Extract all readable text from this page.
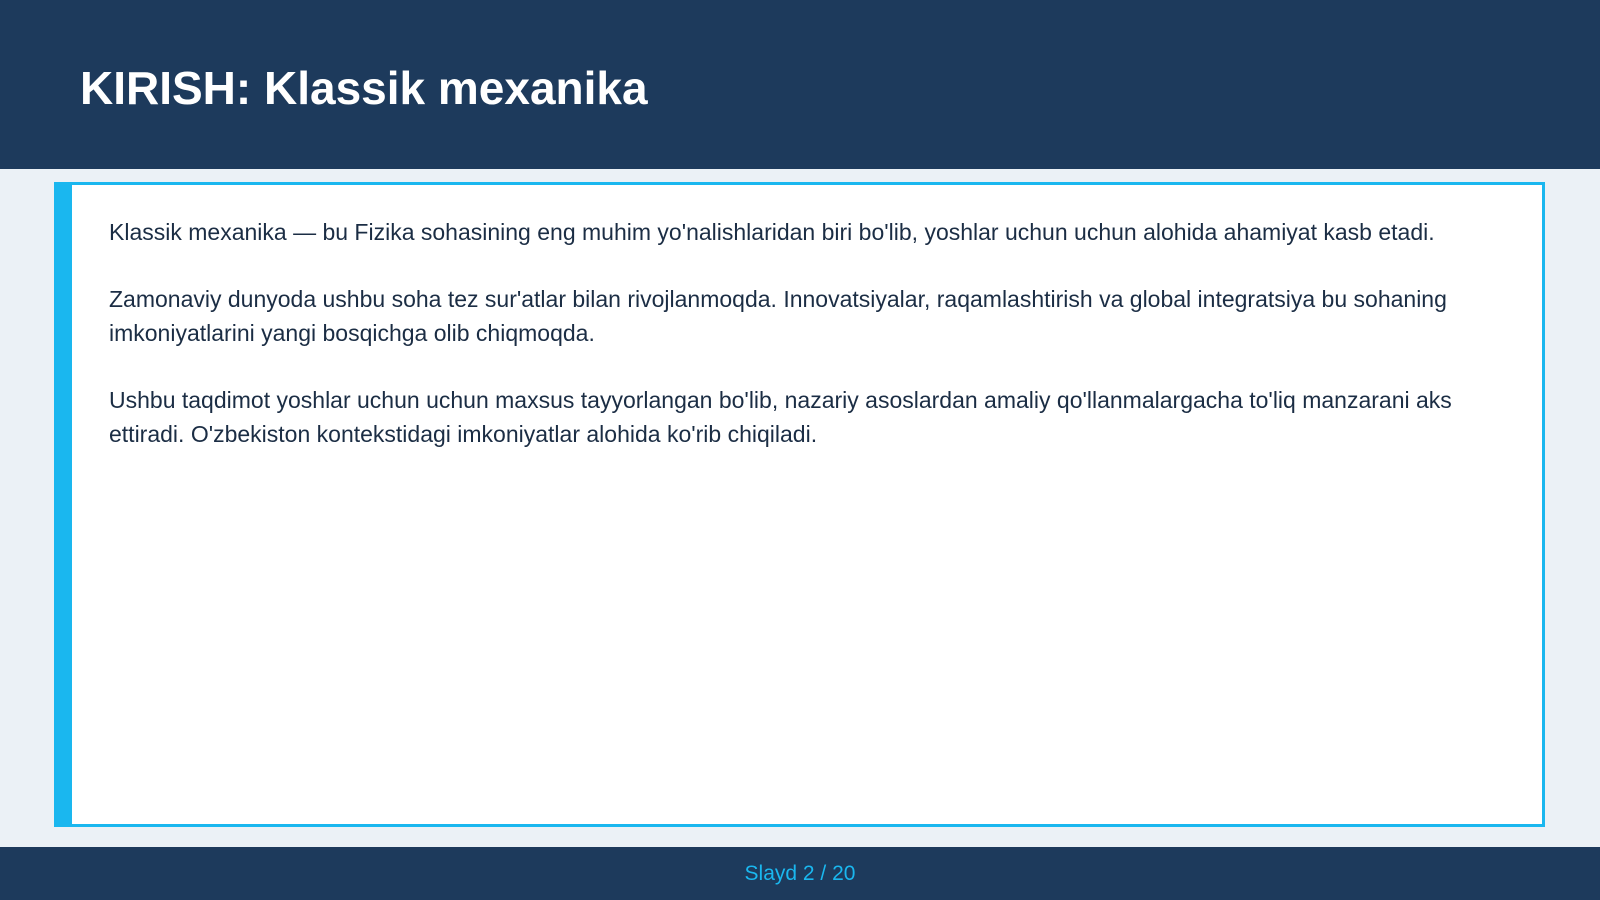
KIRISH: Klassik mexanika

Klassik mexanika — bu Fizika sohasining eng muhim yo'nalishlaridan biri bo'lib, yoshlar uchun uchun alohida ahamiyat kasb etadi.

Zamonaviy dunyoda ushbu soha tez sur'atlar bilan rivojlanmoqda. Innovatsiyalar, raqamlashtirish va global integratsiya bu sohaning imkoniyatlarini yangi bosqichga olib chiqmoqda.

Ushbu taqdimot yoshlar uchun uchun maxsus tayyorlangan bo'lib, nazariy asoslardan amaliy qo'llanmalargacha to'liq manzarani aks ettiradi. O'zbekiston kontekstidagi imkoniyatlar alohida ko'rib chiqiladi.

Slayd 2 / 20
